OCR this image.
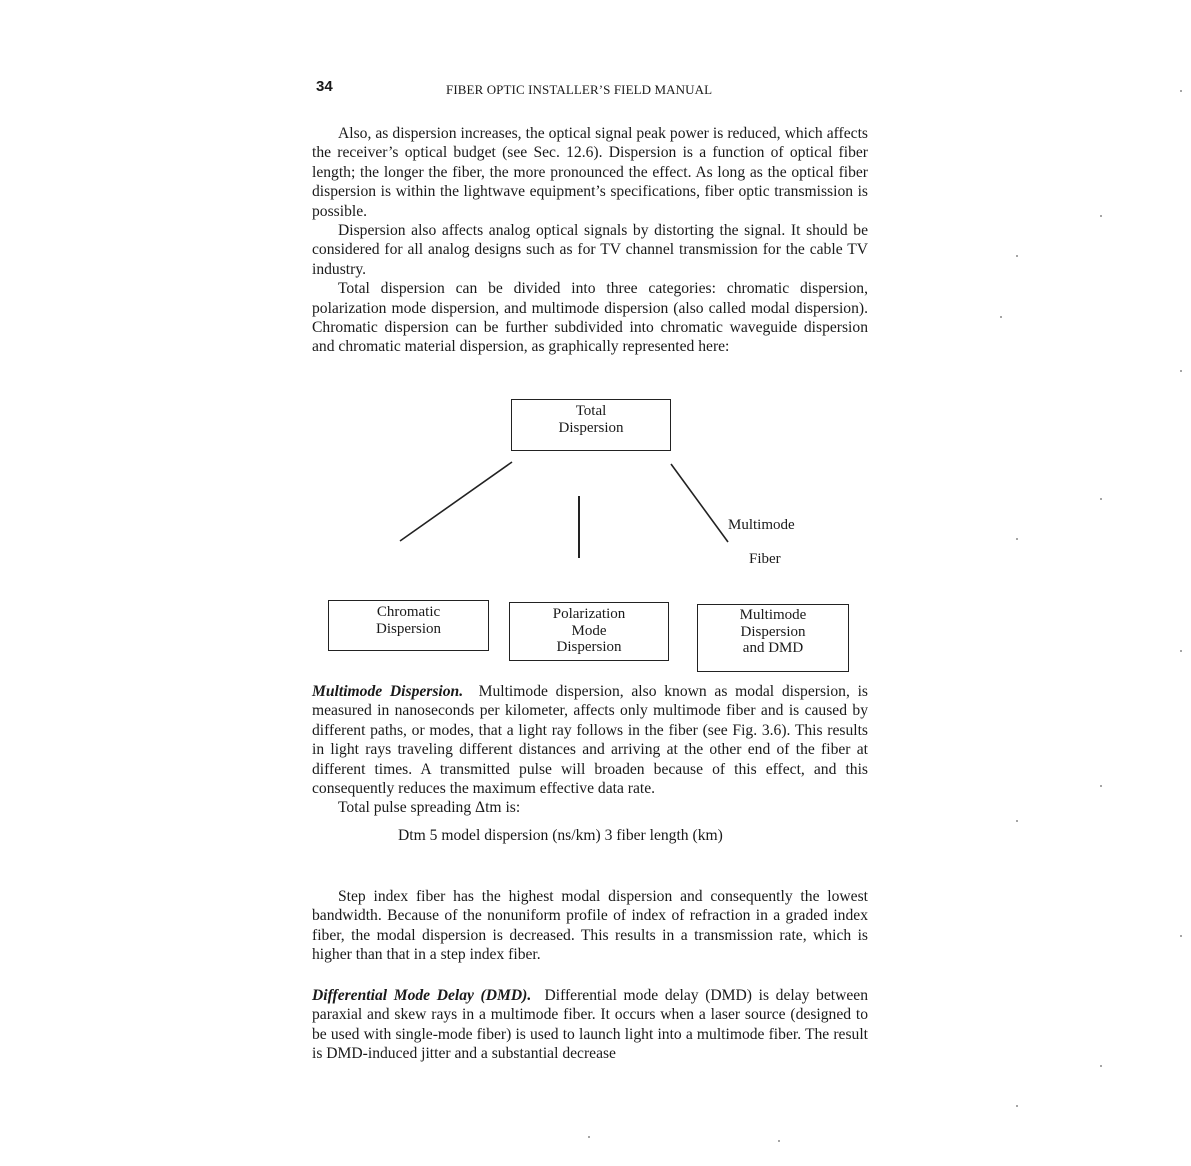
34	FIBER OPTIC INSTALLER’S FIELD MANUAL

Also, as dispersion increases, the optical signal peak power is reduced, which affects the receiver’s optical budget (see Sec. 12.6). Dispersion is a function of optical fiber length; the longer the fiber, the more pronounced the effect. As long as the optical fiber dispersion is within the lightwave equipment’s specifications, fiber optic transmission is possible.

Dispersion also affects analog optical signals by distorting the signal. It should be considered for all analog designs such as for TV channel transmission for the cable TV industry.

Total dispersion can be divided into three categories: chromatic dispersion, polarization mode dispersion, and multimode dispersion (also called modal dispersion). Chromatic dispersion can be further subdivided into chromatic waveguide dispersion and chromatic material dispersion, as graphically represented here:

Total
Dispersion
Multimode
Fiber
Chromatic
Dispersion
Polarization
Mode
Dispersion
Multimode
Dispersion
and DMD

Multimode Dispersion. Multimode dispersion, also known as modal dispersion, is measured in nanoseconds per kilometer, affects only multimode fiber and is caused by different paths, or modes, that a light ray follows in the fiber (see Fig. 3.6). This results in light rays traveling different distances and arriving at the other end of the fiber at different times. A transmitted pulse will broaden because of this effect, and this consequently reduces the maximum effective data rate.

Total pulse spreading Δtm is:

Dtm 5 model dispersion (ns/km) 3 fiber length (km)

Step index fiber has the highest modal dispersion and consequently the lowest bandwidth. Because of the nonuniform profile of index of refraction in a graded index fiber, the modal dispersion is decreased. This results in a transmission rate, which is higher than that in a step index fiber.

Differential Mode Delay (DMD). Differential mode delay (DMD) is delay between paraxial and skew rays in a multimode fiber. It occurs when a laser source (designed to be used with single-mode fiber) is used to launch light into a multimode fiber. The result is DMD-induced jitter and a substantial decrease
